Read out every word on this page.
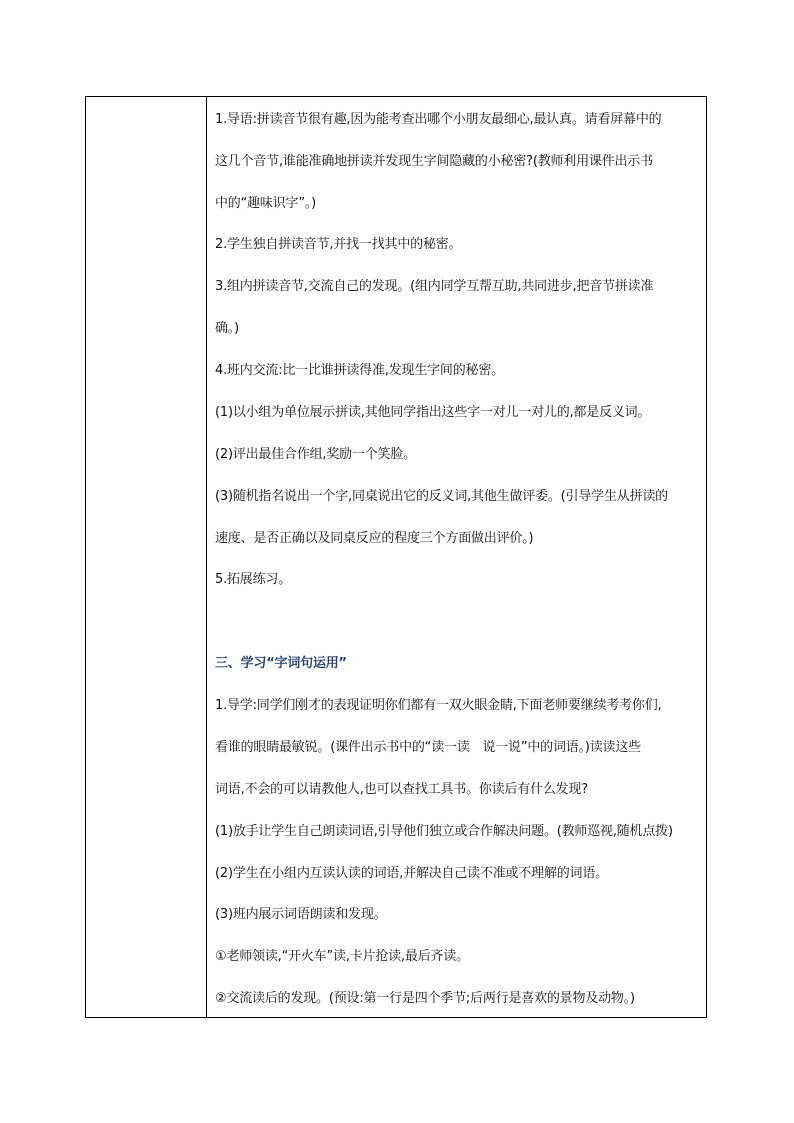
1.导语:拼读音节很有趣,因为能考查出哪个小朋友最细心,最认真。请看屏幕中的
这几个音节,谁能准确地拼读并发现生字间隐藏的小秘密?(教师利用课件出示书
中的“趣味识字”。)
2.学生独自拼读音节,并找一找其中的秘密。
3.组内拼读音节,交流自己的发现。(组内同学互帮互助,共同进步,把音节拼读准
确。)
4.班内交流:比一比谁拼读得准,发现生字间的秘密。
(1)以小组为单位展示拼读,其他同学指出这些字一对儿一对儿的,都是反义词。
(2)评出最佳合作组,奖励一个笑脸。
(3)随机指名说出一个字,同桌说出它的反义词,其他生做评委。(引导学生从拼读的
速度、是否正确以及同桌反应的程度三个方面做出评价。)
5.拓展练习。
三、学习“字词句运用”
1.导学:同学们刚才的表现证明你们都有一双火眼金睛,下面老师要继续考考你们,
看谁的眼睛最敏锐。(课件出示书中的“读一读　说一说”中的词语。)读读这些
词语,不会的可以请教他人,也可以查找工具书。你读后有什么发现?
(1)放手让学生自己朗读词语,引导他们独立或合作解决问题。(教师巡视,随机点拨)
(2)学生在小组内互读认读的词语,并解决自己读不准或不理解的词语。
(3)班内展示词语朗读和发现。
①老师领读,“开火车”读,卡片抢读,最后齐读。
②交流读后的发现。(预设:第一行是四个季节;后两行是喜欢的景物及动物。)
